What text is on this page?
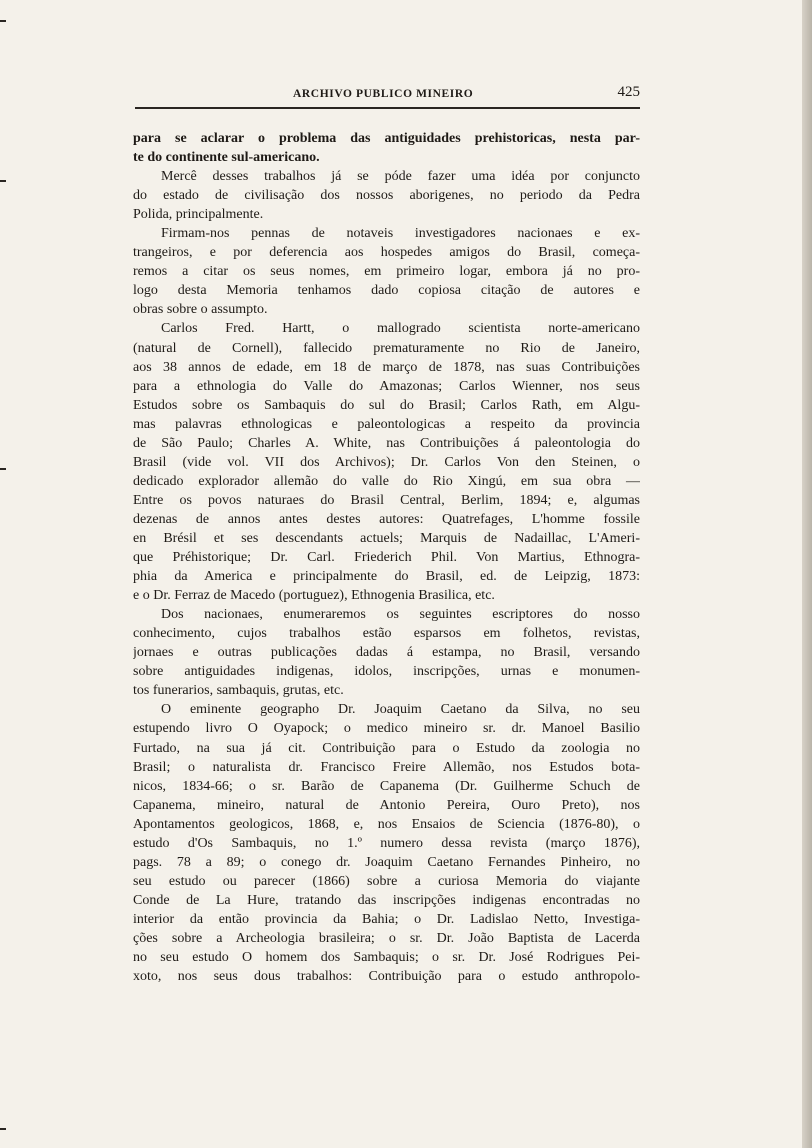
ARCHIVO PUBLICO MINEIRO	425
para se aclarar o problema das antiguidades prehistoricas, nesta par-
te do continente sul-americano.
Mercê desses trabalhos já se póde fazer uma idéa por conjuncto
do estado de civilisação dos nossos aborigenes, no periodo da Pedra
Polida, principalmente.
Firmam-nos pennas de notaveis investigadores nacionaes e ex-
trangeiros, e por deferencia aos hospedes amigos do Brasil, começa-
remos a citar os seus nomes, em primeiro logar, embora já no pro-
logo desta Memoria tenhamos dado copiosa citação de autores e
obras sobre o assumpto.
Carlos Fred. Hartt, o mallogrado scientista norte-americano
(natural de Cornell), fallecido prematuramente no Rio de Janeiro,
aos 38 annos de edade, em 18 de março de 1878, nas suas Contribuições
para a ethnologia do Valle do Amazonas; Carlos Wienner, nos seus
Estudos sobre os Sambaquis do sul do Brasil; Carlos Rath, em Algu-
mas palavras ethnologicas e paleontologicas a respeito da provincia
de São Paulo; Charles A. White, nas Contribuições á paleontologia do
Brasil (vide vol. VII dos Archivos); Dr. Carlos Von den Steinen, o
dedicado explorador allemão do valle do Rio Xingú, em sua obra —
Entre os povos naturaes do Brasil Central, Berlim, 1894; e, algumas
dezenas de annos antes destes autores: Quatrefages, L'homme fossile
en Brésil et ses descendants actuels; Marquis de Nadaillac, L'Ameri-
que Préhistorique; Dr. Carl. Friederich Phil. Von Martius, Ethnogra-
phia da America e principalmente do Brasil, ed. de Leipzig, 1873:
e o Dr. Ferraz de Macedo (portuguez), Ethnogenia Brasilica, etc.
Dos nacionaes, enumeraremos os seguintes escriptores do nosso
conhecimento, cujos trabalhos estão esparsos em folhetos, revistas,
jornaes e outras publicações dadas á estampa, no Brasil, versando
sobre antiguidades indigenas, idolos, inscripções, urnas e monumen-
tos funerarios, sambaquis, grutas, etc.
O eminente geographo Dr. Joaquim Caetano da Silva, no seu
estupendo livro O Oyapock; o medico mineiro sr. dr. Manoel Basilio
Furtado, na sua já cit. Contribuição para o Estudo da zoologia no
Brasil; o naturalista dr. Francisco Freire Allemão, nos Estudos bota-
nicos, 1834-66; o sr. Barão de Capanema (Dr. Guilherme Schuch de
Capanema, mineiro, natural de Antonio Pereira, Ouro Preto), nos
Apontamentos geologicos, 1868, e, nos Ensaios de Sciencia (1876-80), o
estudo d'Os Sambaquis, no 1.º numero dessa revista (março 1876),
pags. 78 a 89; o conego dr. Joaquim Caetano Fernandes Pinheiro, no
seu estudo ou parecer (1866) sobre a curiosa Memoria do viajante
Conde de La Hure, tratando das inscripções indigenas encontradas no
interior da então provincia da Bahia; o Dr. Ladislao Netto, Investiga-
ções sobre a Archeologia brasileira; o sr. Dr. João Baptista de Lacerda
no seu estudo O homem dos Sambaquis; o sr. Dr. José Rodrigues Pei-
xoto, nos seus dous trabalhos: Contribuição para o estudo anthropolo-
